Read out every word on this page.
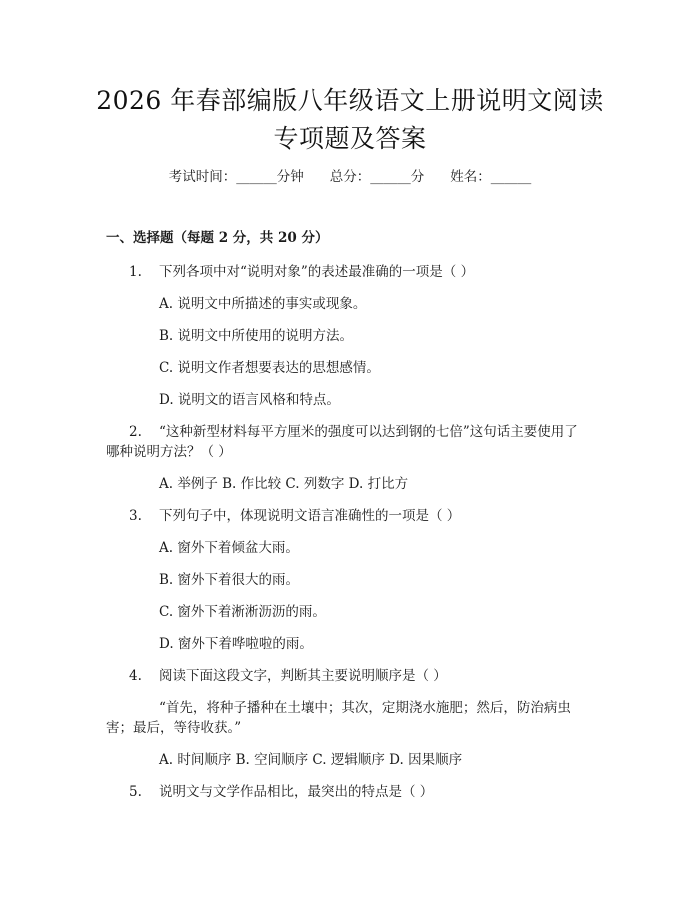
2026 年春部编版八年级语文上册说明文阅读
专项题及答案
考试时间：______分钟 总分：______分 姓名：______
一、选择题（每题 2 分，共 20 分）
1. 下列各项中对“说明对象”的表述最准确的一项是（ ）
A. 说明文中所描述的事实或现象。
B. 说明文中所使用的说明方法。
C. 说明文作者想要表达的思想感情。
D. 说明文的语言风格和特点。
2. “这种新型材料每平方厘米的强度可以达到钢的七倍”这句话主要使用了
哪种说明方法？（ ）
A. 举例子 B. 作比较 C. 列数字 D. 打比方
3. 下列句子中，体现说明文语言准确性的一项是（ ）
A. 窗外下着倾盆大雨。
B. 窗外下着很大的雨。
C. 窗外下着淅淅沥沥的雨。
D. 窗外下着哗啦啦的雨。
4. 阅读下面这段文字，判断其主要说明顺序是（ ）
“首先，将种子播种在土壤中；其次，定期浇水施肥；然后，防治病虫
害；最后，等待收获。”
A. 时间顺序 B. 空间顺序 C. 逻辑顺序 D. 因果顺序
5. 说明文与文学作品相比，最突出的特点是（ ）
